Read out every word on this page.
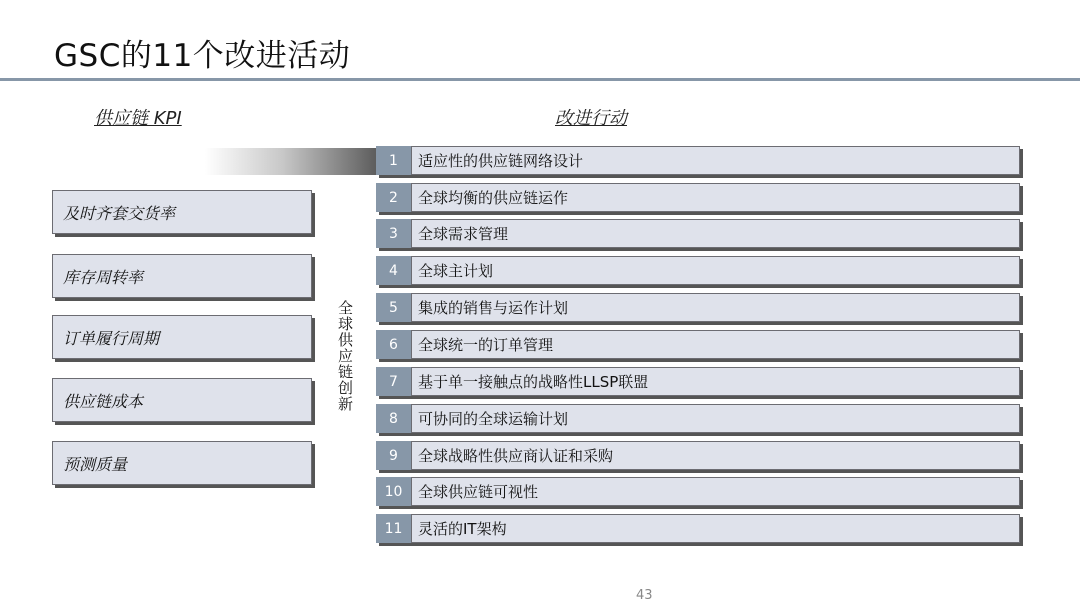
GSC的11个改进活动
供应链 KPI	改进行动
及时齐套交货率
库存周转率
订单履行周期
供应链成本
预测质量
全球供应链创新
1	适应性的供应链网络设计
2	全球均衡的供应链运作
3	全球需求管理
4	全球主计划
5	集成的销售与运作计划
6	全球统一的订单管理
7	基于单一接触点的战略性LLSP联盟
8	可协同的全球运输计划
9	全球战略性供应商认证和采购
10	全球供应链可视性
11	灵活的IT架构
43
